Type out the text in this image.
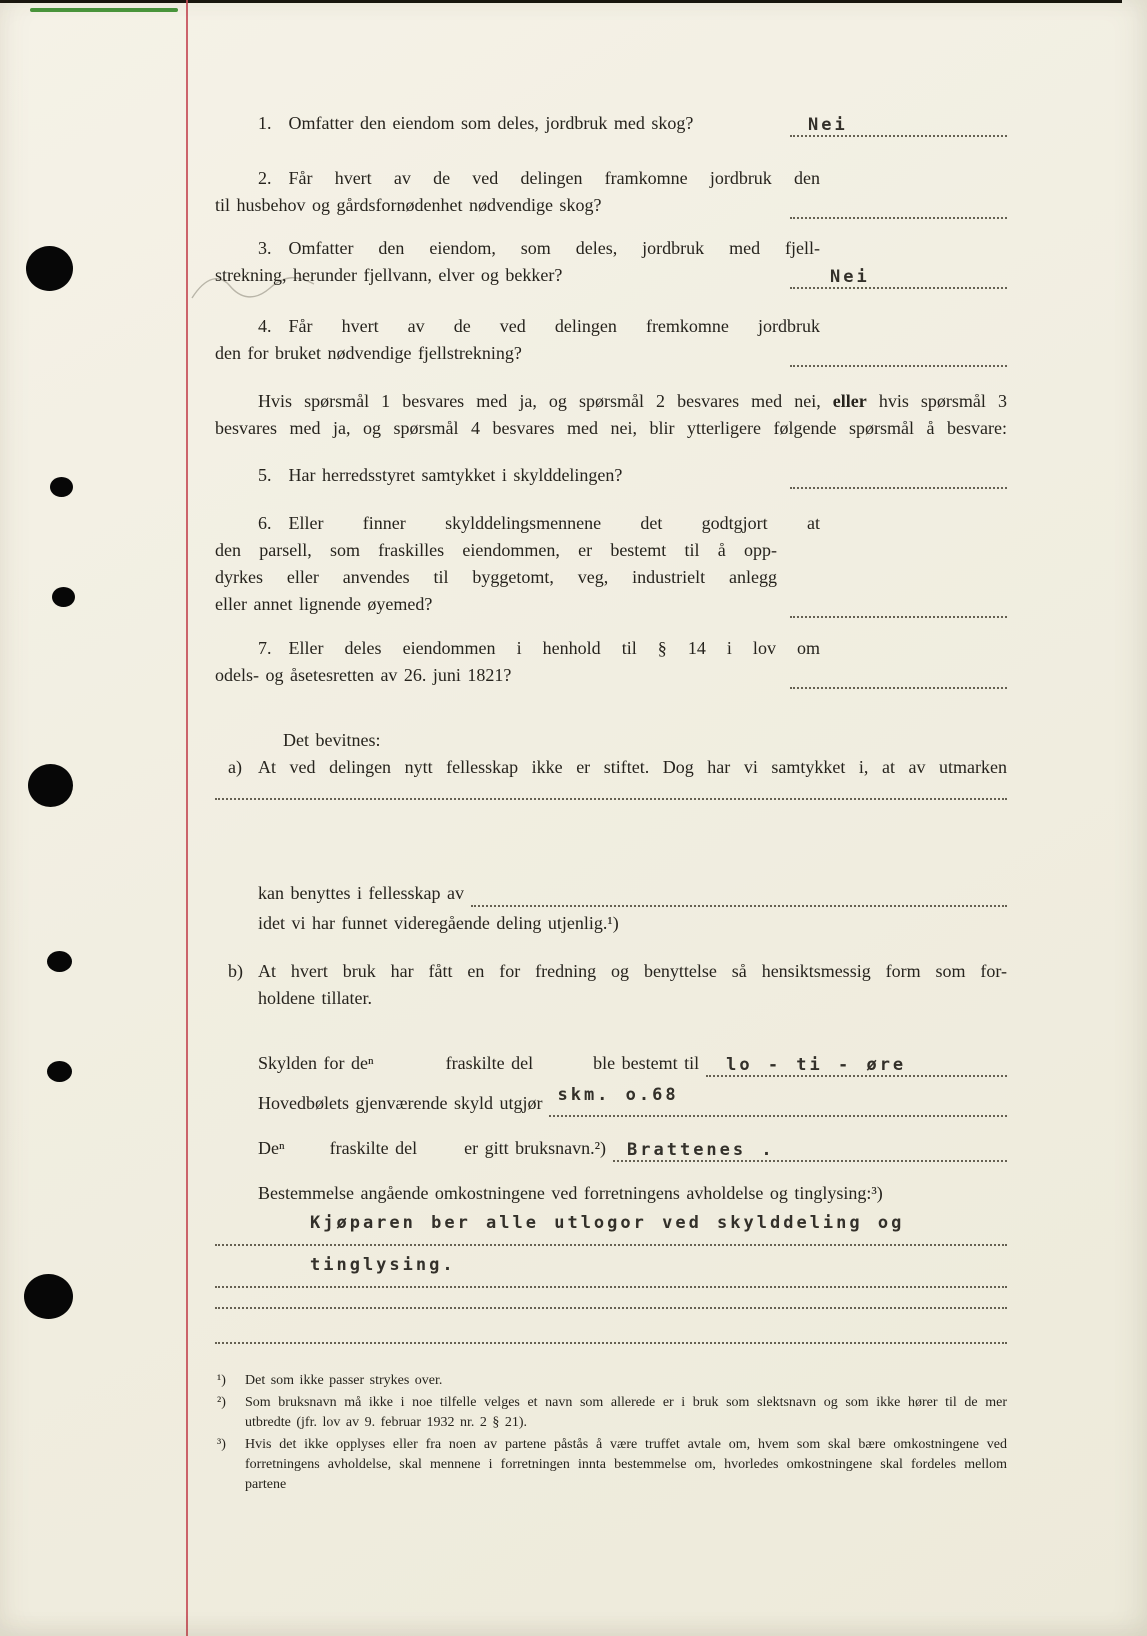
1. Omfatter den eiendom som deles, jordbruk med skog?	Nei
2. Får hvert av de ved delingen framkomne jordbruk den
til husbehov og gårdsfornødenhet nødvendige skog?
3. Omfatter den eiendom, som deles, jordbruk med fjell-
strekning, herunder fjellvann, elver og bekker?	Nei
4. Får hvert av de ved delingen fremkomne jordbruk
den for bruket nødvendige fjellstrekning?
Hvis spørsmål 1 besvares med ja, og spørsmål 2 besvares med nei, eller hvis spørsmål 3
besvares med ja, og spørsmål 4 besvares med nei, blir ytterligere følgende spørsmål å besvare:
5. Har herredsstyret samtykket i skylddelingen?
6. Eller finner skylddelingsmennene det godtgjort at
den parsell, som fraskilles eiendommen, er bestemt til å opp-
dyrkes eller anvendes til byggetomt, veg, industrielt anlegg
eller annet lignende øyemed?
7. Eller deles eiendommen i henhold til § 14 i lov om
odels- og åsetesretten av 26. juni 1821?
Det bevitnes:
a) At ved delingen nytt fellesskap ikke er stiftet. Dog har vi samtykket i, at av utmarken
kan benyttes i fellesskap av
idet vi har funnet videregående deling utjenlig.¹)
b) At hvert bruk har fått en for fredning og benyttelse så hensiktsmessig form som for-
holdene tillater.
Skylden for deⁿ	fraskilte del	ble bestemt til lo - ti - øre
Hovedbølets gjenværende skyld utgjør skm. o.68
Deⁿ	fraskilte del	er gitt bruksnavn.²) Brattenes .
Bestemmelse angående omkostningene ved forretningens avholdelse og tinglysing:³)
Kjøparen ber alle utlogor ved skylddeling og
tinglysing.
¹) Det som ikke passer strykes over.
²) Som bruksnavn må ikke i noe tilfelle velges et navn som allerede er i bruk som slektsnavn og som ikke hører til de mer utbredte (jfr. lov av 9. februar 1932 nr. 2 § 21).
³) Hvis det ikke opplyses eller fra noen av partene påstås å være truffet avtale om, hvem som skal bære omkostningene ved forretningens avholdelse, skal mennene i forretningen innta bestemmelse om, hvorledes omkostningene skal fordeles mellom partene
